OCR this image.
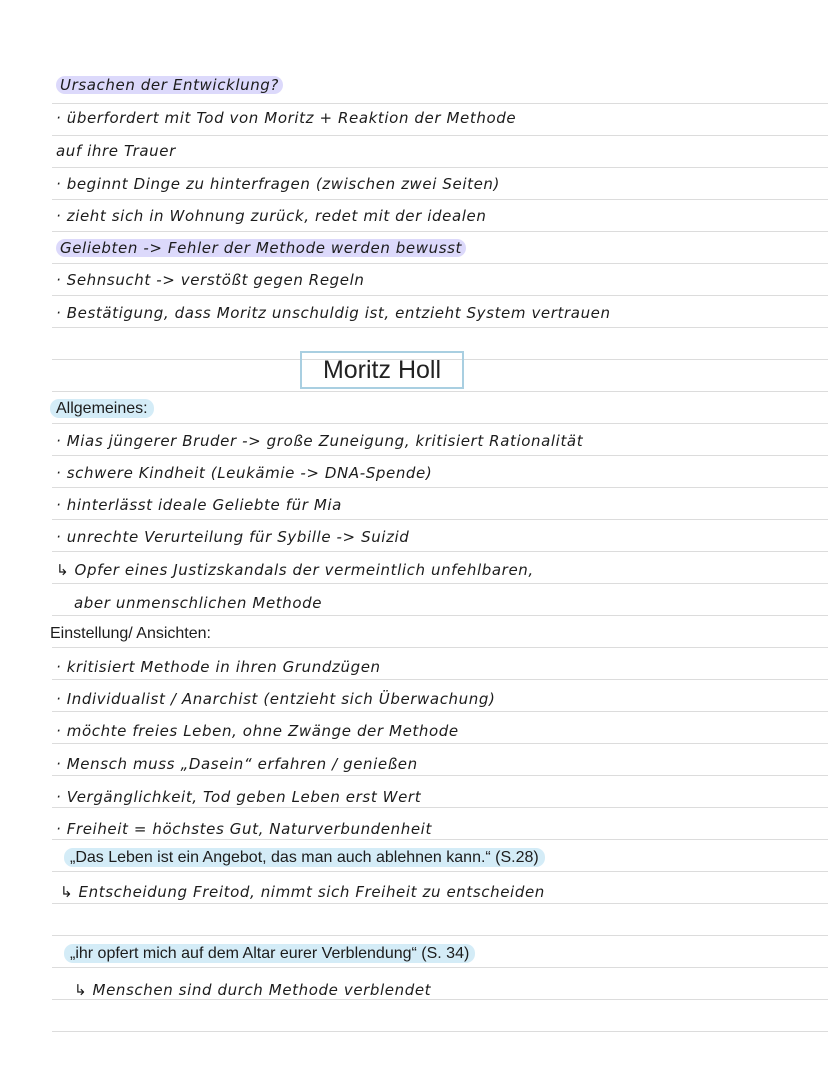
Ursachen der Entwicklung?
· überfordert mit Tod von Moritz + Reaktion der Methode
auf ihre Trauer
· beginnt Dinge zu hinterfragen (zwischen zwei Seiten)
· zieht sich in Wohnung zurück, redet mit der idealen
Geliebten -> Fehler der Methode werden bewusst
· Sehnsucht -> verstößt gegen Regeln
· Bestätigung, dass Moritz unschuldig ist, entzieht System vertrauen
Moritz Holl
Allgemeines:
· Mias jüngerer Bruder -> große Zuneigung, kritisiert Rationalität
· schwere Kindheit (Leukämie -> DNA-Spende)
· hinterlässt ideale Geliebte für Mia
· unrechte Verurteilung für Sybille -> Suizid
↳ Opfer eines Justizskandals der vermeintlich unfehlbaren,
aber unmenschlichen Methode
Einstellung/ Ansichten:
· kritisiert Methode in ihren Grundzügen
· Individualist / Anarchist (entzieht sich Überwachung)
· möchte freies Leben, ohne Zwänge der Methode
· Mensch muss „Dasein“ erfahren / genießen
· Vergänglichkeit, Tod geben Leben erst Wert
· Freiheit = höchstes Gut, Naturverbundenheit
„Das Leben ist ein Angebot, das man auch ablehnen kann.“ (S.28)
↳ Entscheidung Freitod, nimmt sich Freiheit zu entscheiden
„ihr opfert mich auf dem Altar eurer Verblendung“ (S. 34)
↳ Menschen sind durch Methode verblendet
